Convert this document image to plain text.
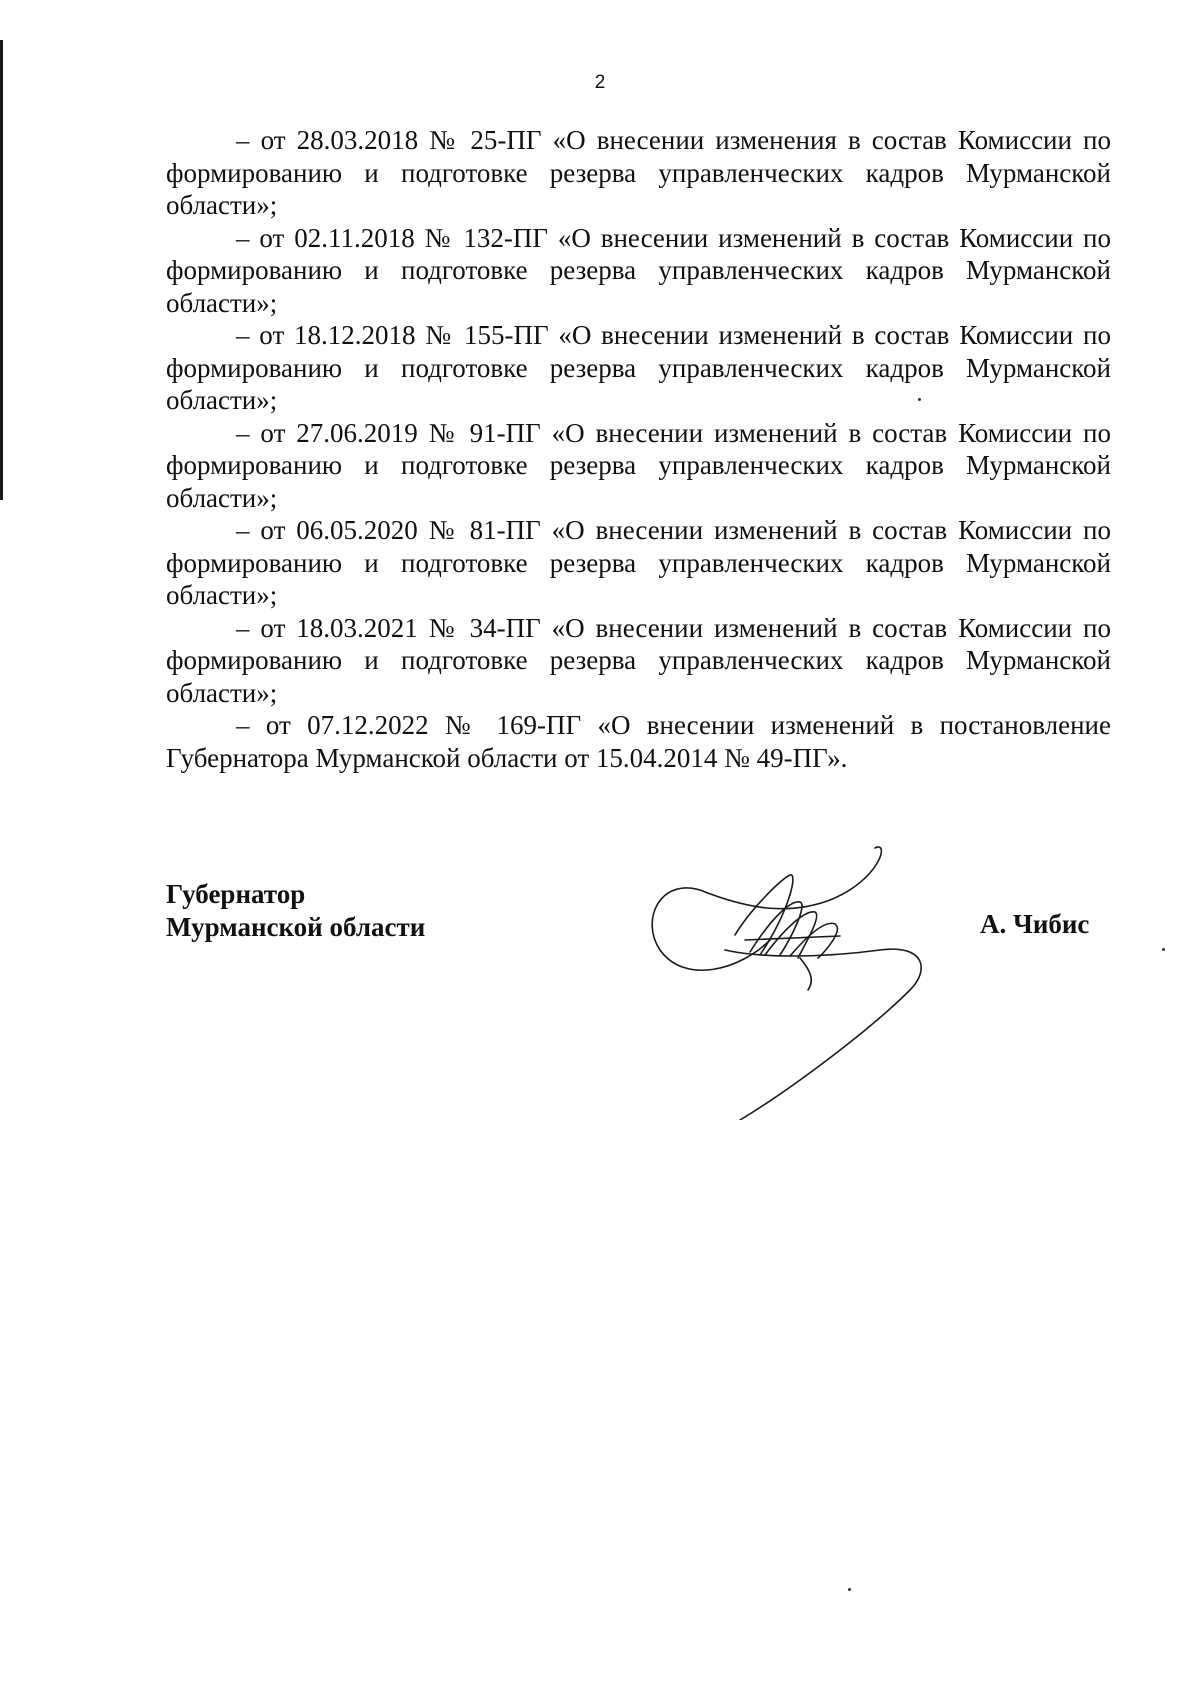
2

– от 28.03.2018 № 25-ПГ «О внесении изменения в состав Комиссии по формированию и подготовке резерва управленческих кадров Мурманской области»;

– от 02.11.2018 № 132-ПГ «О внесении изменений в состав Комиссии по формированию и подготовке резерва управленческих кадров Мурманской области»;

– от 18.12.2018 № 155-ПГ «О внесении изменений в состав Комиссии по формированию и подготовке резерва управленческих кадров Мурманской области»;

– от 27.06.2019 № 91-ПГ «О внесении изменений в состав Комиссии по формированию и подготовке резерва управленческих кадров Мурманской области»;

– от 06.05.2020 № 81-ПГ «О внесении изменений в состав Комиссии по формированию и подготовке резерва управленческих кадров Мурманской области»;

– от 18.03.2021 № 34-ПГ «О внесении изменений в состав Комиссии по формированию и подготовке резерва управленческих кадров Мурманской области»;

– от 07.12.2022 № 169-ПГ «О внесении изменений в постановление Губернатора Мурманской области от 15.04.2014 № 49-ПГ».

Губернатор
Мурманской области	А. Чибис
